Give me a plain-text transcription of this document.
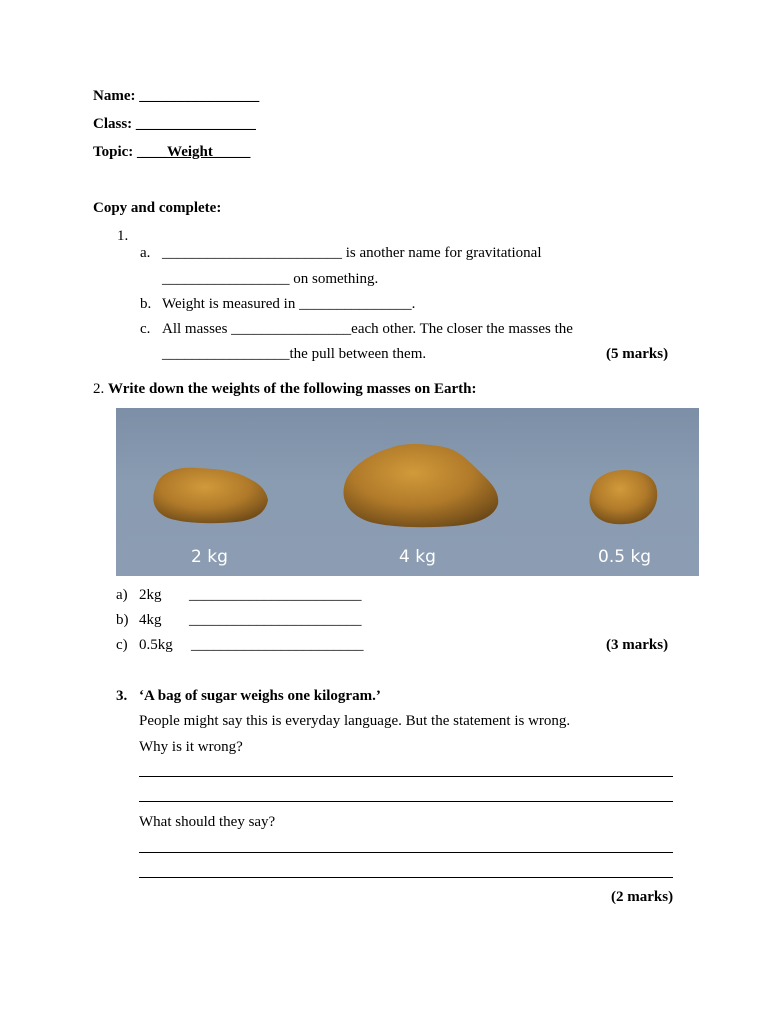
Name: ________________
Class: ________________
Topic: ____Weight_____
Copy and complete:
1.
a. ________________________ is another name for gravitational
_________________ on something.
b. Weight is measured in _______________.
c. All masses ________________each other. The closer the masses the
_________________the pull between them.	(5 marks)
2. Write down the weights of the following masses on Earth:
2 kg	4 kg	0.5 kg
a) 2kg _______________________
b) 4kg _______________________
c) 0.5kg _______________________	(3 marks)
3. ‘A bag of sugar weighs one kilogram.’
People might say this is everyday language. But the statement is wrong.
Why is it wrong?
What should they say?
(2 marks)
